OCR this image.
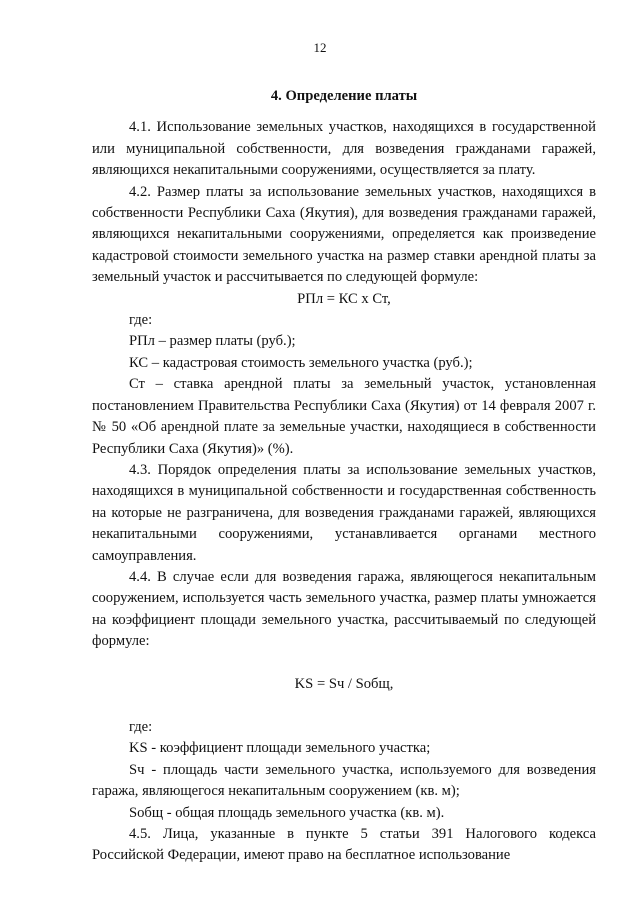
12
4. Определение платы

4.1. Использование земельных участков, находящихся в государственной или муниципальной собственности, для возведения гражданами гаражей, являющихся некапитальными сооружениями, осуществляется за плату.

4.2. Размер платы за использование земельных участков, находящихся в собственности Республики Саха (Якутия), для возведения гражданами гаражей, являющихся некапитальными сооружениями, определяется как произведение кадастровой стоимости земельного участка на размер ставки арендной платы за земельный участок и рассчитывается по следующей формуле:

РПл = КС x Ст,

где:

РПл – размер платы (руб.);

КС – кадастровая стоимость земельного участка (руб.);

Ст – ставка арендной платы за земельный участок, установленная постановлением Правительства Республики Саха (Якутия) от 14 февраля 2007 г. № 50 «Об арендной плате за земельные участки, находящиеся в собственности Республики Саха (Якутия)» (%).

4.3. Порядок определения платы за использование земельных участков, находящихся в муниципальной собственности и государственная собственность на которые не разграничена, для возведения гражданами гаражей, являющихся некапитальными сооружениями, устанавливается органами местного самоуправления.

4.4. В случае если для возведения гаража, являющегося некапитальным сооружением, используется часть земельного участка, размер платы умножается на коэффициент площади земельного участка, рассчитываемый по следующей формуле:

KS = Sч / Sобщ,

где:

KS - коэффициент площади земельного участка;

Sч - площадь части земельного участка, используемого для возведения гаража, являющегося некапитальным сооружением (кв. м);

Sобщ - общая площадь земельного участка (кв. м).

4.5. Лица, указанные в пункте 5 статьи 391 Налогового кодекса Российской Федерации, имеют право на бесплатное использование
